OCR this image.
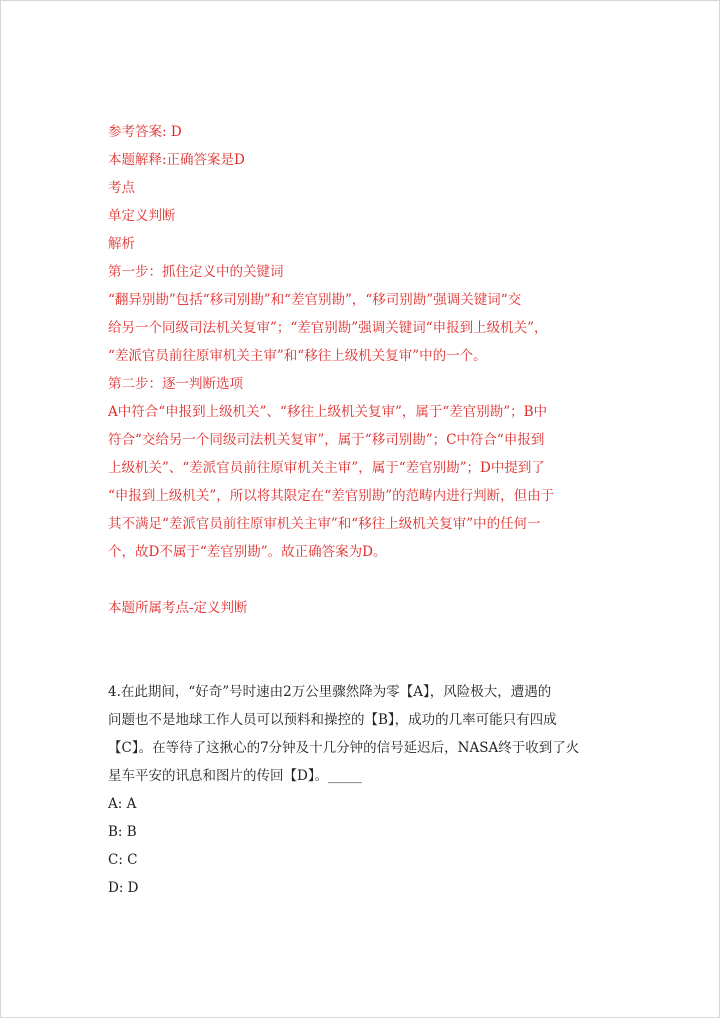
参考答案: D
本题解释:正确答案是D
考点
单定义判断
解析
第一步：抓住定义中的关键词
“翻异别勘”包括“移司别勘”和“差官别勘”，“移司别勘”强调关键词“交
给另一个同级司法机关复审”；“差官别勘”强调关键词“申报到上级机关”，
“差派官员前往原审机关主审”和“移往上级机关复审”中的一个。
第二步：逐一判断选项
A中符合“申报到上级机关”、“移往上级机关复审”，属于“差官别勘”；B中
符合“交给另一个同级司法机关复审”，属于“移司别勘”；C中符合“申报到
上级机关”、“差派官员前往原审机关主审”，属于“差官别勘”；D中提到了
“申报到上级机关”，所以将其限定在“差官别勘”的范畴内进行判断，但由于
其不满足“差派官员前往原审机关主审”和“移往上级机关复审”中的任何一
个，故D不属于“差官别勘”。故正确答案为D。
本题所属考点-定义判断
4.在此期间，“好奇”号时速由2万公里骤然降为零【A】，风险极大，遭遇的
问题也不是地球工作人员可以预料和操控的【B】，成功的几率可能只有四成
【C】。在等待了这揪心的7分钟及十几分钟的信号延迟后，NASA终于收到了火
星车平安的讯息和图片的传回【D】。_____
A: A
B: B
C: C
D: D
